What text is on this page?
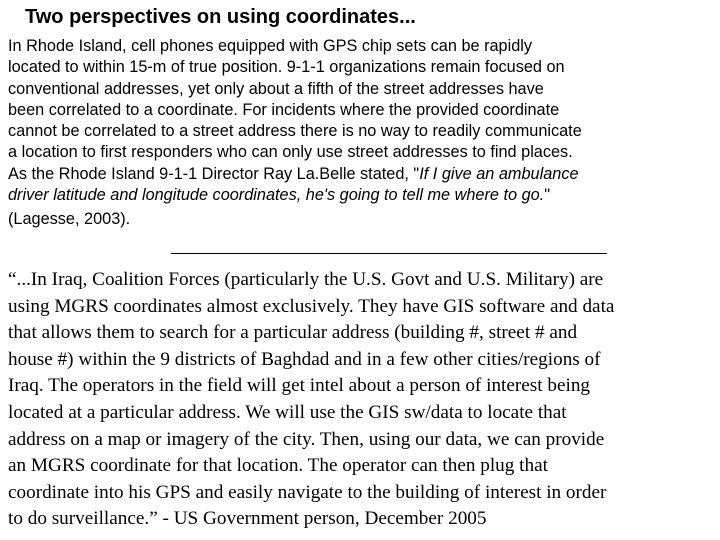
Two perspectives on using coordinates...
In Rhode Island, cell phones equipped with GPS chip sets can be rapidly
located to within 15-m of true position. 9-1-1 organizations remain focused on
conventional addresses, yet only about a fifth of the street addresses have
been correlated to a coordinate. For incidents where the provided coordinate
cannot be correlated to a street address there is no way to readily communicate
a location to first responders who can only use street addresses to find places.
As the Rhode Island 9-1-1 Director Ray La.Belle stated, "If I give an ambulance
driver latitude and longitude coordinates, he's going to tell me where to go."
(Lagesse, 2003).
“...In Iraq, Coalition Forces (particularly the U.S. Govt and U.S. Military) are
using MGRS coordinates almost exclusively. They have GIS software and data
that allows them to search for a particular address (building #, street # and
house #) within the 9 districts of Baghdad and in a few other cities/regions of
Iraq. The operators in the field will get intel about a person of interest being
located at a particular address. We will use the GIS sw/data to locate that
address on a map or imagery of the city. Then, using our data, we can provide
an MGRS coordinate for that location. The operator can then plug that
coordinate into his GPS and easily navigate to the building of interest in order
to do surveillance.” - US Government person, December 2005
